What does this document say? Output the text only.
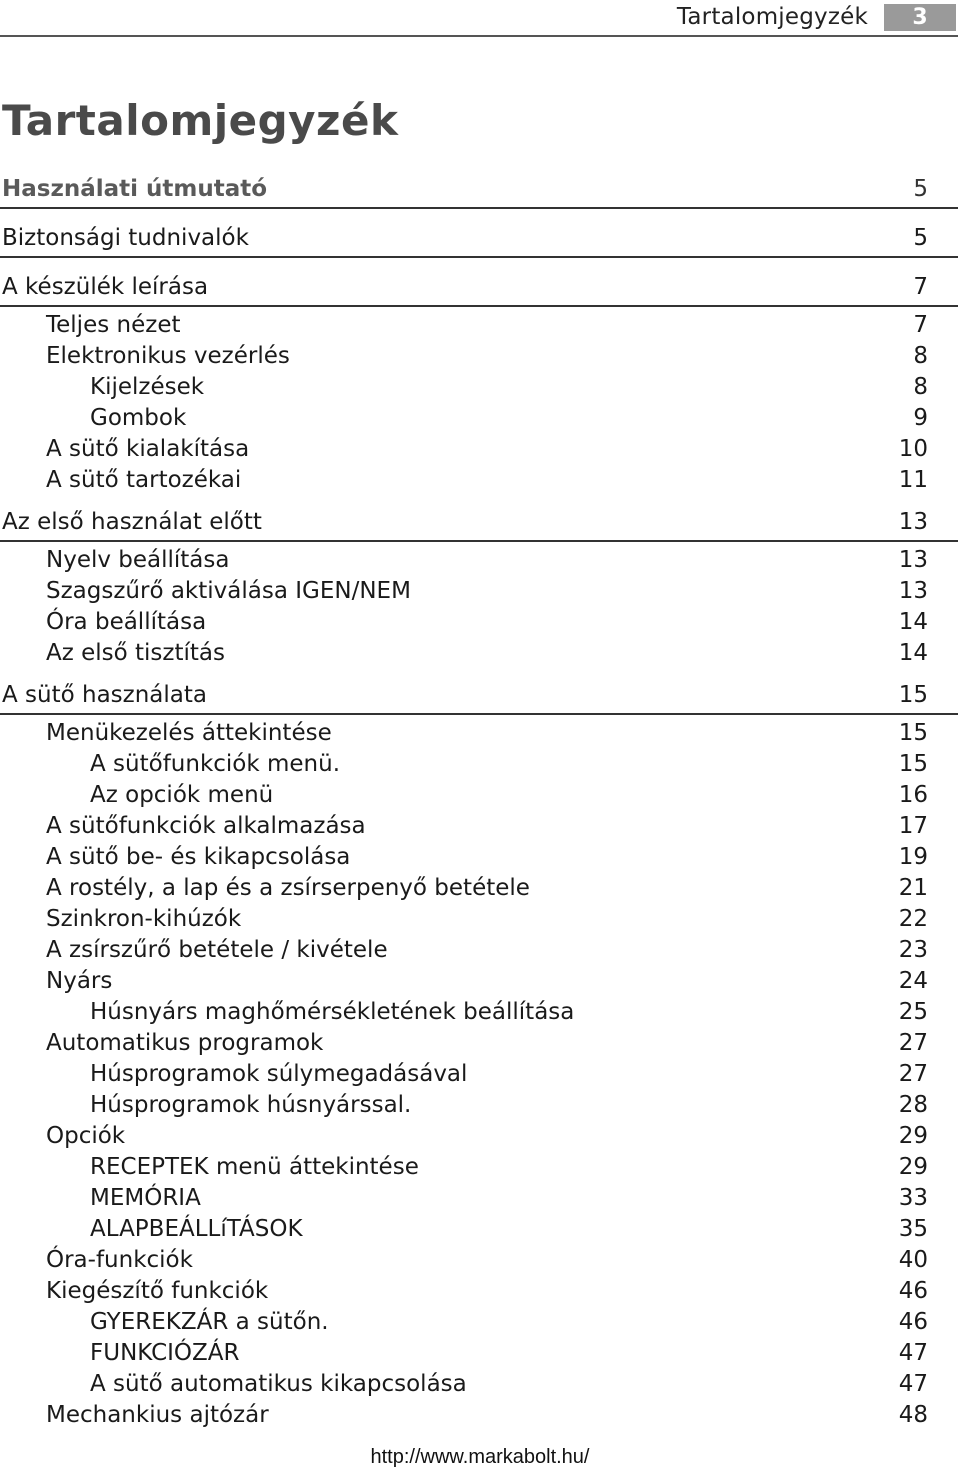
Tartalomjegyzék	3
Tartalomjegyzék
Használati útmutató	5
Biztonsági tudnivalók	5
A készülék leírása	7
Teljes nézet	7
Elektronikus vezérlés	8
Kijelzések	8
Gombok	9
A sütő kialakítása	10
A sütő tartozékai	11
Az első használat előtt	13
Nyelv beállítása	13
Szagszűrő aktiválása IGEN/NEM	13
Óra beállítása	14
Az első tisztítás	14
A sütő használata	15
Menükezelés áttekintése	15
A sütőfunkciók menü.	15
Az opciók menü	16
A sütőfunkciók alkalmazása	17
A sütő be- és kikapcsolása	19
A rostély, a lap és a zsírserpenyő betétele	21
Szinkron-kihúzók	22
A zsírszűrő betétele / kivétele	23
Nyárs	24
Húsnyárs maghőmérsékletének beállítása	25
Automatikus programok	27
Húsprogramok súlymegadásával	27
Húsprogramok húsnyárssal.	28
Opciók	29
RECEPTEK menü áttekintése	29
MEMÓRIA	33
ALAPBEÁLLíTÁSOK	35
Óra-funkciók	40
Kiegészítő funkciók	46
GYEREKZÁR a sütőn.	46
FUNKCIÓZÁR	47
A sütő automatikus kikapcsolása	47
Mechankius ajtózár	48
http://www.markabolt.hu/
